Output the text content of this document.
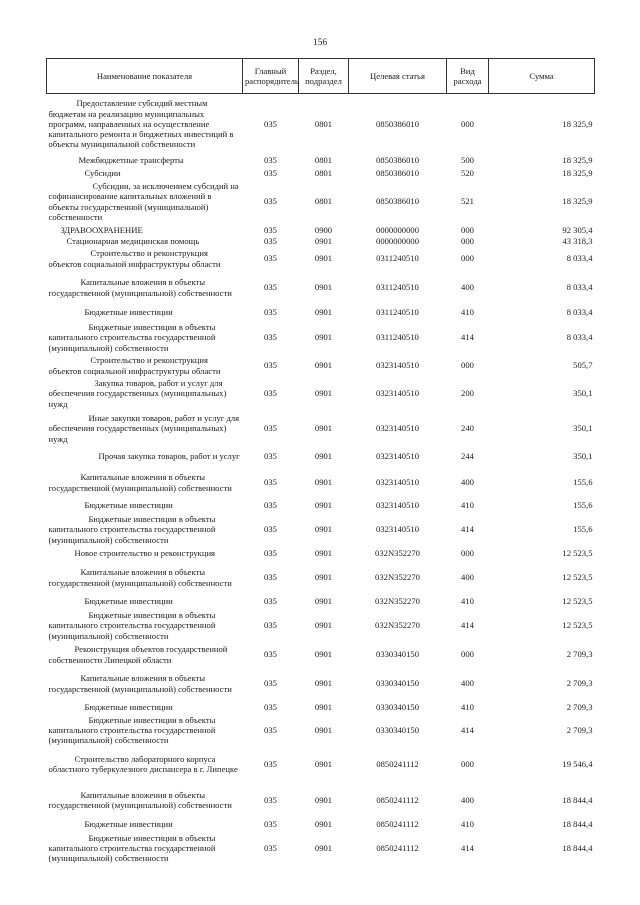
156
Наименование показателя	Главный распорядитель	Раздел, подраздел	Целевая статья	Вид расхода	Сумма
Предоставление субсидий местным бюджетам на реализацию муниципальных программ, направленных на осуществление капитального ремонта и бюджетных инвестиций в объекты муниципальной собственности	035	0801	0850386010	000	18 325,9
Межбюджетные трансферты	035	0801	0850386010	500	18 325,9
Субсидии	035	0801	0850386010	520	18 325,9
Субсидии, за исключением субсидий на софинансирование капитальных вложений в объекты государственной (муниципальной) собственности	035	0801	0850386010	521	18 325,9
ЗДРАВООХРАНЕНИЕ	035	0900	0000000000	000	92 305,4
Стационарная медицинская помощь	035	0901	0000000000	000	43 318,3
Строительство и реконструкция объектов социальной инфраструктуры области	035	0901	0311240510	000	8 033,4
Капитальные вложения в объекты государственной (муниципальной) собственности	035	0901	0311240510	400	8 033,4
Бюджетные инвестиции	035	0901	0311240510	410	8 033,4
Бюджетные инвестиции в объекты капитального строительства государственной (муниципальной) собственности	035	0901	0311240510	414	8 033,4
Строительство и реконструкция объектов социальной инфраструктуры области	035	0901	0323140510	000	505,7
Закупка товаров, работ и услуг для обеспечения государственных (муниципальных) нужд	035	0901	0323140510	200	350,1
Иные закупки товаров, работ и услуг для обеспечения государственных (муниципальных) нужд	035	0901	0323140510	240	350,1
Прочая закупка товаров, работ и услуг	035	0901	0323140510	244	350,1
Капитальные вложения в объекты государственной (муниципальной) собственности	035	0901	0323140510	400	155,6
Бюджетные инвестиции	035	0901	0323140510	410	155,6
Бюджетные инвестиции в объекты капитального строительства государственной (муниципальной) собственности	035	0901	0323140510	414	155,6
Новое строительство и реконструкция	035	0901	032N352270	000	12 523,5
Капитальные вложения в объекты государственной (муниципальной) собственности	035	0901	032N352270	400	12 523,5
Бюджетные инвестиции	035	0901	032N352270	410	12 523,5
Бюджетные инвестиции в объекты капитального строительства государственной (муниципальной) собственности	035	0901	032N352270	414	12 523,5
Реконструкция объектов государственной собственности Липецкой области	035	0901	0330340150	000	2 709,3
Капитальные вложения в объекты государственной (муниципальной) собственности	035	0901	0330340150	400	2 709,3
Бюджетные инвестиции	035	0901	0330340150	410	2 709,3
Бюджетные инвестиции в объекты капитального строительства государственной (муниципальной) собственности	035	0901	0330340150	414	2 709,3
Строительство лабораторного корпуса областного туберкулезного диспансера в г. Липецке	035	0901	0850241112	000	19 546,4
Капитальные вложения в объекты государственной (муниципальной) собственности	035	0901	0850241112	400	18 844,4
Бюджетные инвестиции	035	0901	0850241112	410	18 844,4
Бюджетные инвестиции в объекты капитального строительства государственной (муниципальной) собственности	035	0901	0850241112	414	18 844,4
